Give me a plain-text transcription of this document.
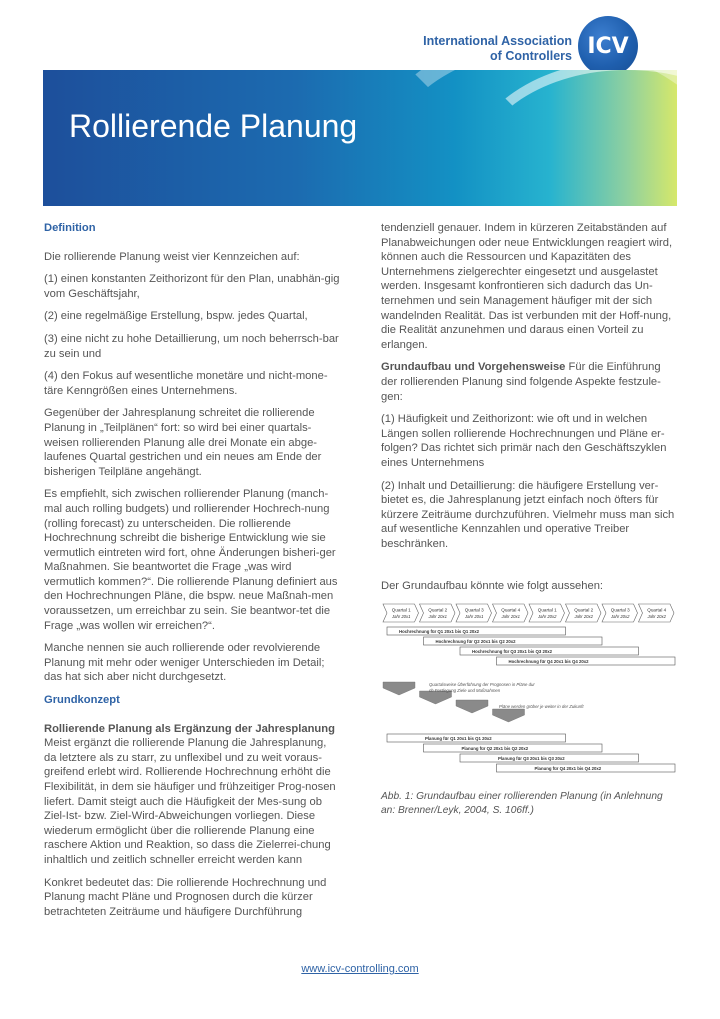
International Association
of Controllers ICV
Rollierende Planung
Definition

Die rollierende Planung weist vier Kennzeichen auf:

(1) einen konstanten Zeithorizont für den Plan, unabhän-gig vom Geschäftsjahr,

(2) eine regelmäßige Erstellung, bspw. jedes Quartal,

(3) eine nicht zu hohe Detaillierung, um noch beherrsch-bar zu sein und

(4) den Fokus auf wesentliche monetäre und nicht-mone-täre Kenngrößen eines Unternehmens.

Gegenüber der Jahresplanung schreitet die rollierende Planung in „Teilplänen“ fort: so wird bei einer quartals-weisen rollierenden Planung alle drei Monate ein abge-laufenes Quartal gestrichen und ein neues am Ende der bisherigen Teilpläne angehängt.

Es empfiehlt, sich zwischen rollierender Planung (manch-mal auch rolling budgets) und rollierender Hochrech-nung (rolling forecast) zu unterscheiden. Die rollierende Hochrechnung schreibt die bisherige Entwicklung wie sie vermutlich eintreten wird fort, ohne Änderungen bisheri-ger Maßnahmen. Sie beantwortet die Frage „was wird vermutlich kommen?“. Die rollierende Planung definiert aus den Hochrechnungen Pläne, die bspw. neue Maßnah-men voraussetzen, um erreichbar zu sein. Sie beantwor-tet die Frage „was wollen wir erreichen?“.

Manche nennen sie auch rollierende oder revolvierende Planung mit mehr oder weniger Unterschieden im Detail; das hat sich aber nicht durchgesetzt.

Grundkonzept

Rollierende Planung als Ergänzung der Jahresplanung

Meist ergänzt die rollierende Planung die Jahresplanung, da letztere als zu starr, zu unflexibel und zu weit voraus-greifend erlebt wird. Rollierende Hochrechnung erhöht die Flexibilität, in dem sie häufiger und frühzeitiger Prog-nosen liefert. Damit steigt auch die Häufigkeit der Mes-sung ob Ziel-Ist- bzw. Ziel-Wird-Abweichungen vorliegen. Diese wiederum ermöglicht über die rollierende Planung eine raschere Aktion und Reaktion, so dass die Zielerrei-chung inhaltlich und zeitlich schneller erreicht werden kann

Konkret bedeutet das: Die rollierende Hochrechnung und Planung macht Pläne und Prognosen durch die kürzer betrachteten Zeiträume und häufigere Durchführung

tendenziell genauer. Indem in kürzeren Zeitabständen auf Planabweichungen oder neue Entwicklungen reagiert wird, können auch die Ressourcen und Kapazitäten des Unternehmens zielgerechter eingesetzt und ausgelastet werden. Insgesamt konfrontieren sich dadurch das Un-ternehmen und sein Management häufiger mit der sich wandelnden Realität. Das ist verbunden mit der Hoff-nung, die Realität anzunehmen und daraus einen Vorteil zu erlangen.

Grundaufbau und Vorgehensweise Für die Einführung der rollierenden Planung sind folgende Aspekte festzule-gen:

(1) Häufigkeit und Zeithorizont: wie oft und in welchen Längen sollen rollierende Hochrechnungen und Pläne er-folgen? Das richtet sich primär nach den Geschäftszyklen eines Unternehmens

(2) Inhalt und Detaillierung: die häufigere Erstellung ver-bietet es, die Jahresplanung jetzt einfach noch öfters für kürzere Zeiträume durchzuführen. Vielmehr muss man sich auf wesentliche Kennzahlen und operative Treiber beschränken.

Der Grundaufbau könnte wie folgt aussehen:

Quartal 1
Jahr 20x1
Quartal 2
Jahr 20x1
Quartal 3
Jahr 20x1
Quartal 4
Jahr 20x1
Quartal 1
Jahr 20x2
Quartal 2
Jahr 20x2
Quartal 3
Jahr 20x2
Quartal 4
Jahr 20x2
Hochrechnung für Q1 20x1 bis Q1 20x2
Hochrechnung für Q2 20x1 bis Q2 20x2
Hochrechnung für Q3 20x1 bis Q3 20x2
Hochrechnung für Q4 20x1 bis Q4 20x2
Quartalsweise Überführung der Prognosen in Pläne dur
ch Festlegung Ziele und Maßnahmen
Pläne werden gröber je weiter in der Zukunft
Planung für Q1 20x1 bis Q1 20x2
Planung für Q2 20x1 bis Q2 20x2
Planung für Q3 20x1 bis Q3 20x2
Planung für Q4 20x1 bis Q4 20x2
Abb. 1: Grundaufbau einer rollierenden Planung (in Anlehnung an: Brenner/Leyk, 2004, S. 106ff.)
www.icv-controlling.com
